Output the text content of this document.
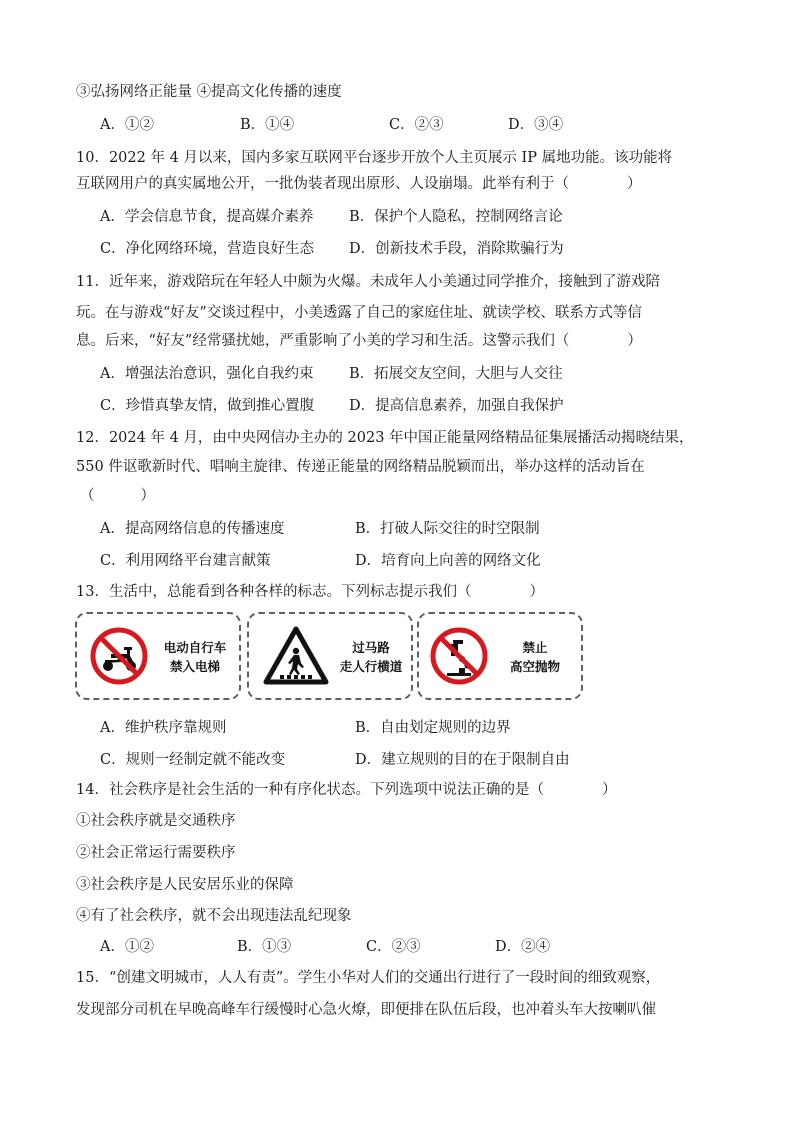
③弘扬网络正能量 ④提高文化传播的速度
A．①②	B．①④	C．②③	D．③④
10．2022 年 4 月以来，国内多家互联网平台逐步开放个人主页展示 IP 属地功能。该功能将
互联网用户的真实属地公开，一批伪装者现出原形、人设崩塌。此举有利于（	）
A．学会信息节食，提高媒介素养 B．保护个人隐私，控制网络言论
C．净化网络环境，营造良好生态 D．创新技术手段，消除欺骗行为
11．近年来，游戏陪玩在年轻人中颇为火爆。未成年人小美通过同学推介，接触到了游戏陪
玩。在与游戏“好友”交谈过程中，小美透露了自己的家庭住址、就读学校、联系方式等信
息。后来，“好友”经常骚扰她，严重影响了小美的学习和生活。这警示我们（	）
A．增强法治意识，强化自我约束 B．拓展交友空间，大胆与人交往
C．珍惜真挚友情，做到推心置腹 D．提高信息素养，加强自我保护
12．2024 年 4 月，由中央网信办主办的 2023 年中国正能量网络精品征集展播活动揭晓结果，
550 件讴歌新时代、唱响主旋律、传递正能量的网络精品脱颖而出，举办这样的活动旨在
（	）
A．提高网络信息的传播速度	B．打破人际交往的时空限制
C．利用网络平台建言献策	D．培育向上向善的网络文化
13．生活中，总能看到各种各样的标志。下列标志提示我们（	）
电动自行车
禁入电梯
过马路
走人行横道
禁止
高空抛物
A．维护秩序靠规则	B．自由划定规则的边界
C．规则一经制定就不能改变	D．建立规则的目的在于限制自由
14．社会秩序是社会生活的一种有序化状态。下列选项中说法正确的是（	）
①社会秩序就是交通秩序
②社会正常运行需要秩序
③社会秩序是人民安居乐业的保障
④有了社会秩序，就不会出现违法乱纪现象
A．①②	B．①③	C．②③	D．②④
15．“创建文明城市，人人有责”。学生小华对人们的交通出行进行了一段时间的细致观察，
发现部分司机在早晚高峰车行缓慢时心急火燎，即便排在队伍后段，也冲着头车大按喇叭催
